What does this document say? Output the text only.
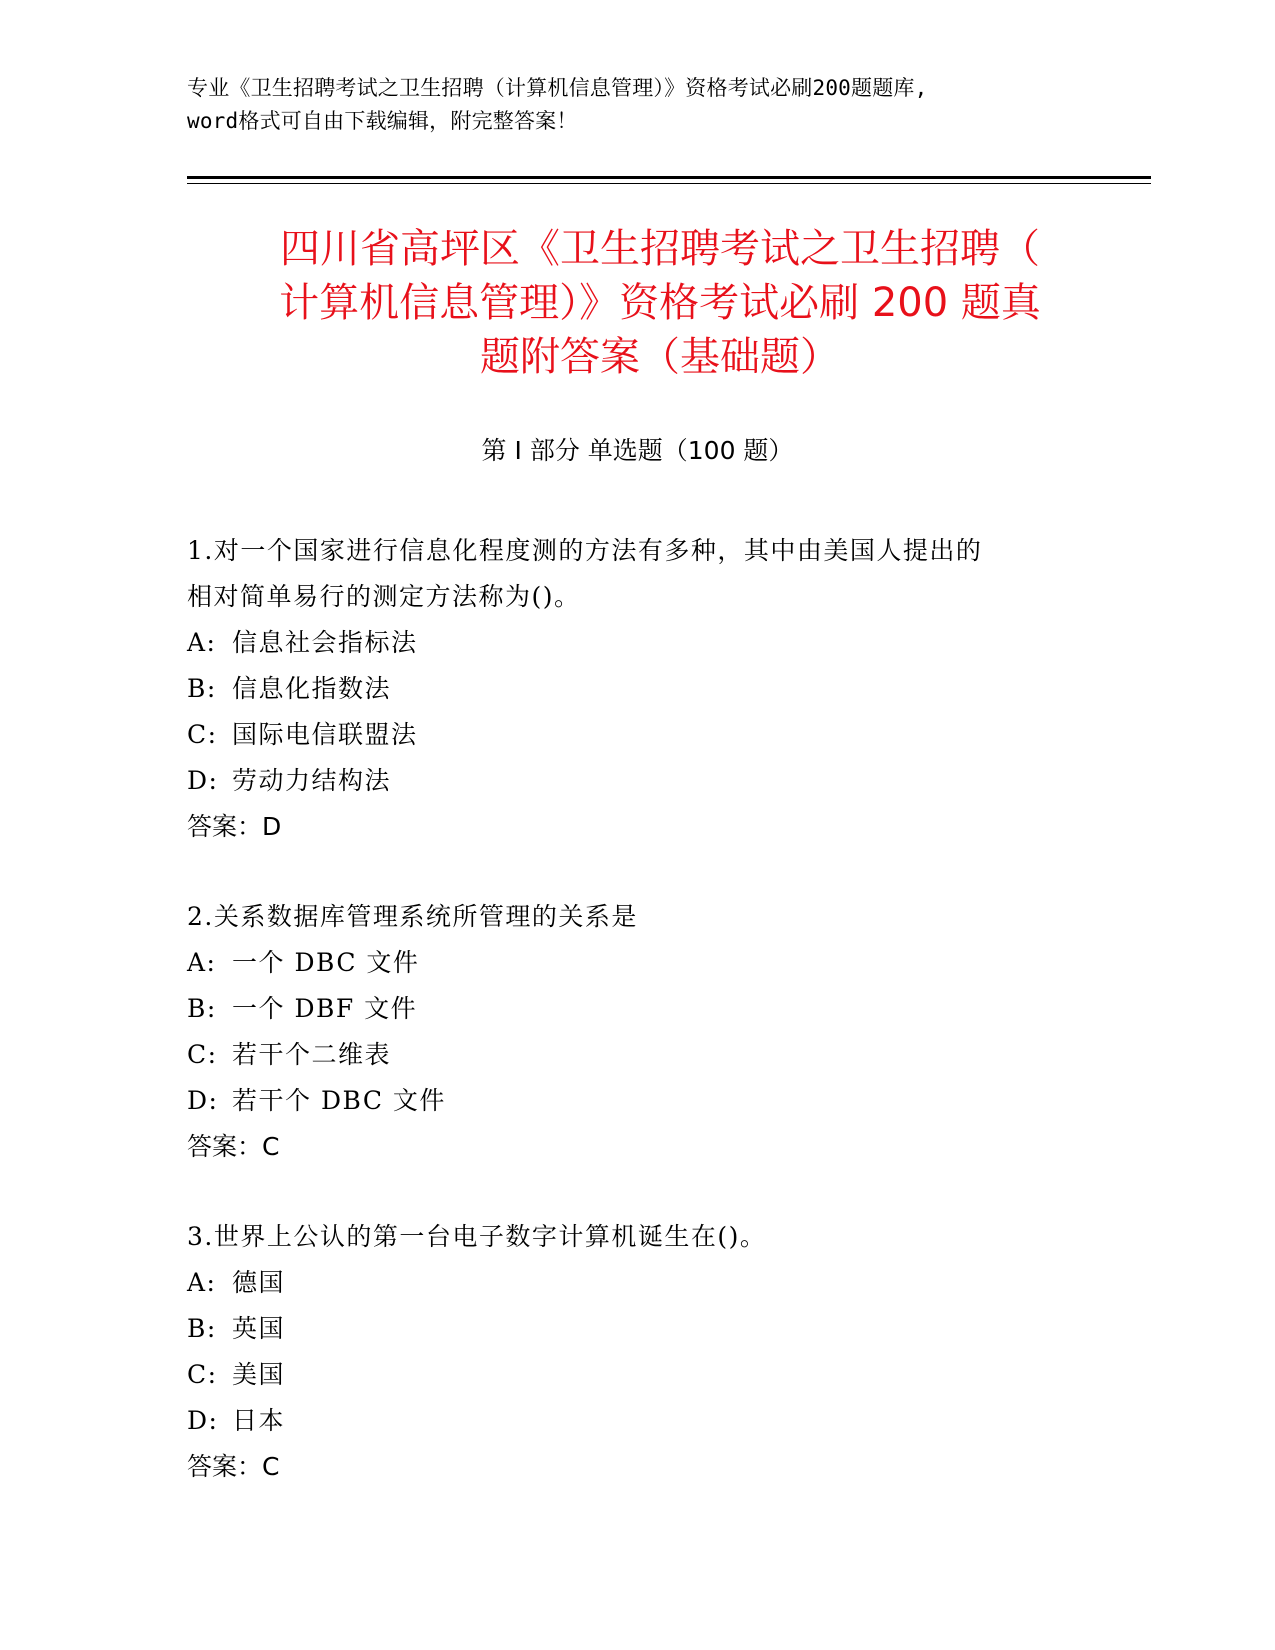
专业《卫生招聘考试之卫生招聘（计算机信息管理）》资格考试必刷200题题库,
word格式可自由下载编辑，附完整答案！
四川省高坪区《卫生招聘考试之卫生招聘（
计算机信息管理）》资格考试必刷 200 题真
题附答案（基础题）
第 I 部分 单选题（100 题）
1.对一个国家进行信息化程度测的方法有多种，其中由美国人提出的
相对简单易行的测定方法称为()。
A: 信息社会指标法
B: 信息化指数法
C: 国际电信联盟法
D: 劳动力结构法
答案：D
2.关系数据库管理系统所管理的关系是
A: 一个 DBC 文件
B: 一个 DBF 文件
C: 若干个二维表
D: 若干个 DBC 文件
答案：C
3.世界上公认的第一台电子数字计算机诞生在()。
A: 德国
B: 英国
C: 美国
D: 日本
答案：C
